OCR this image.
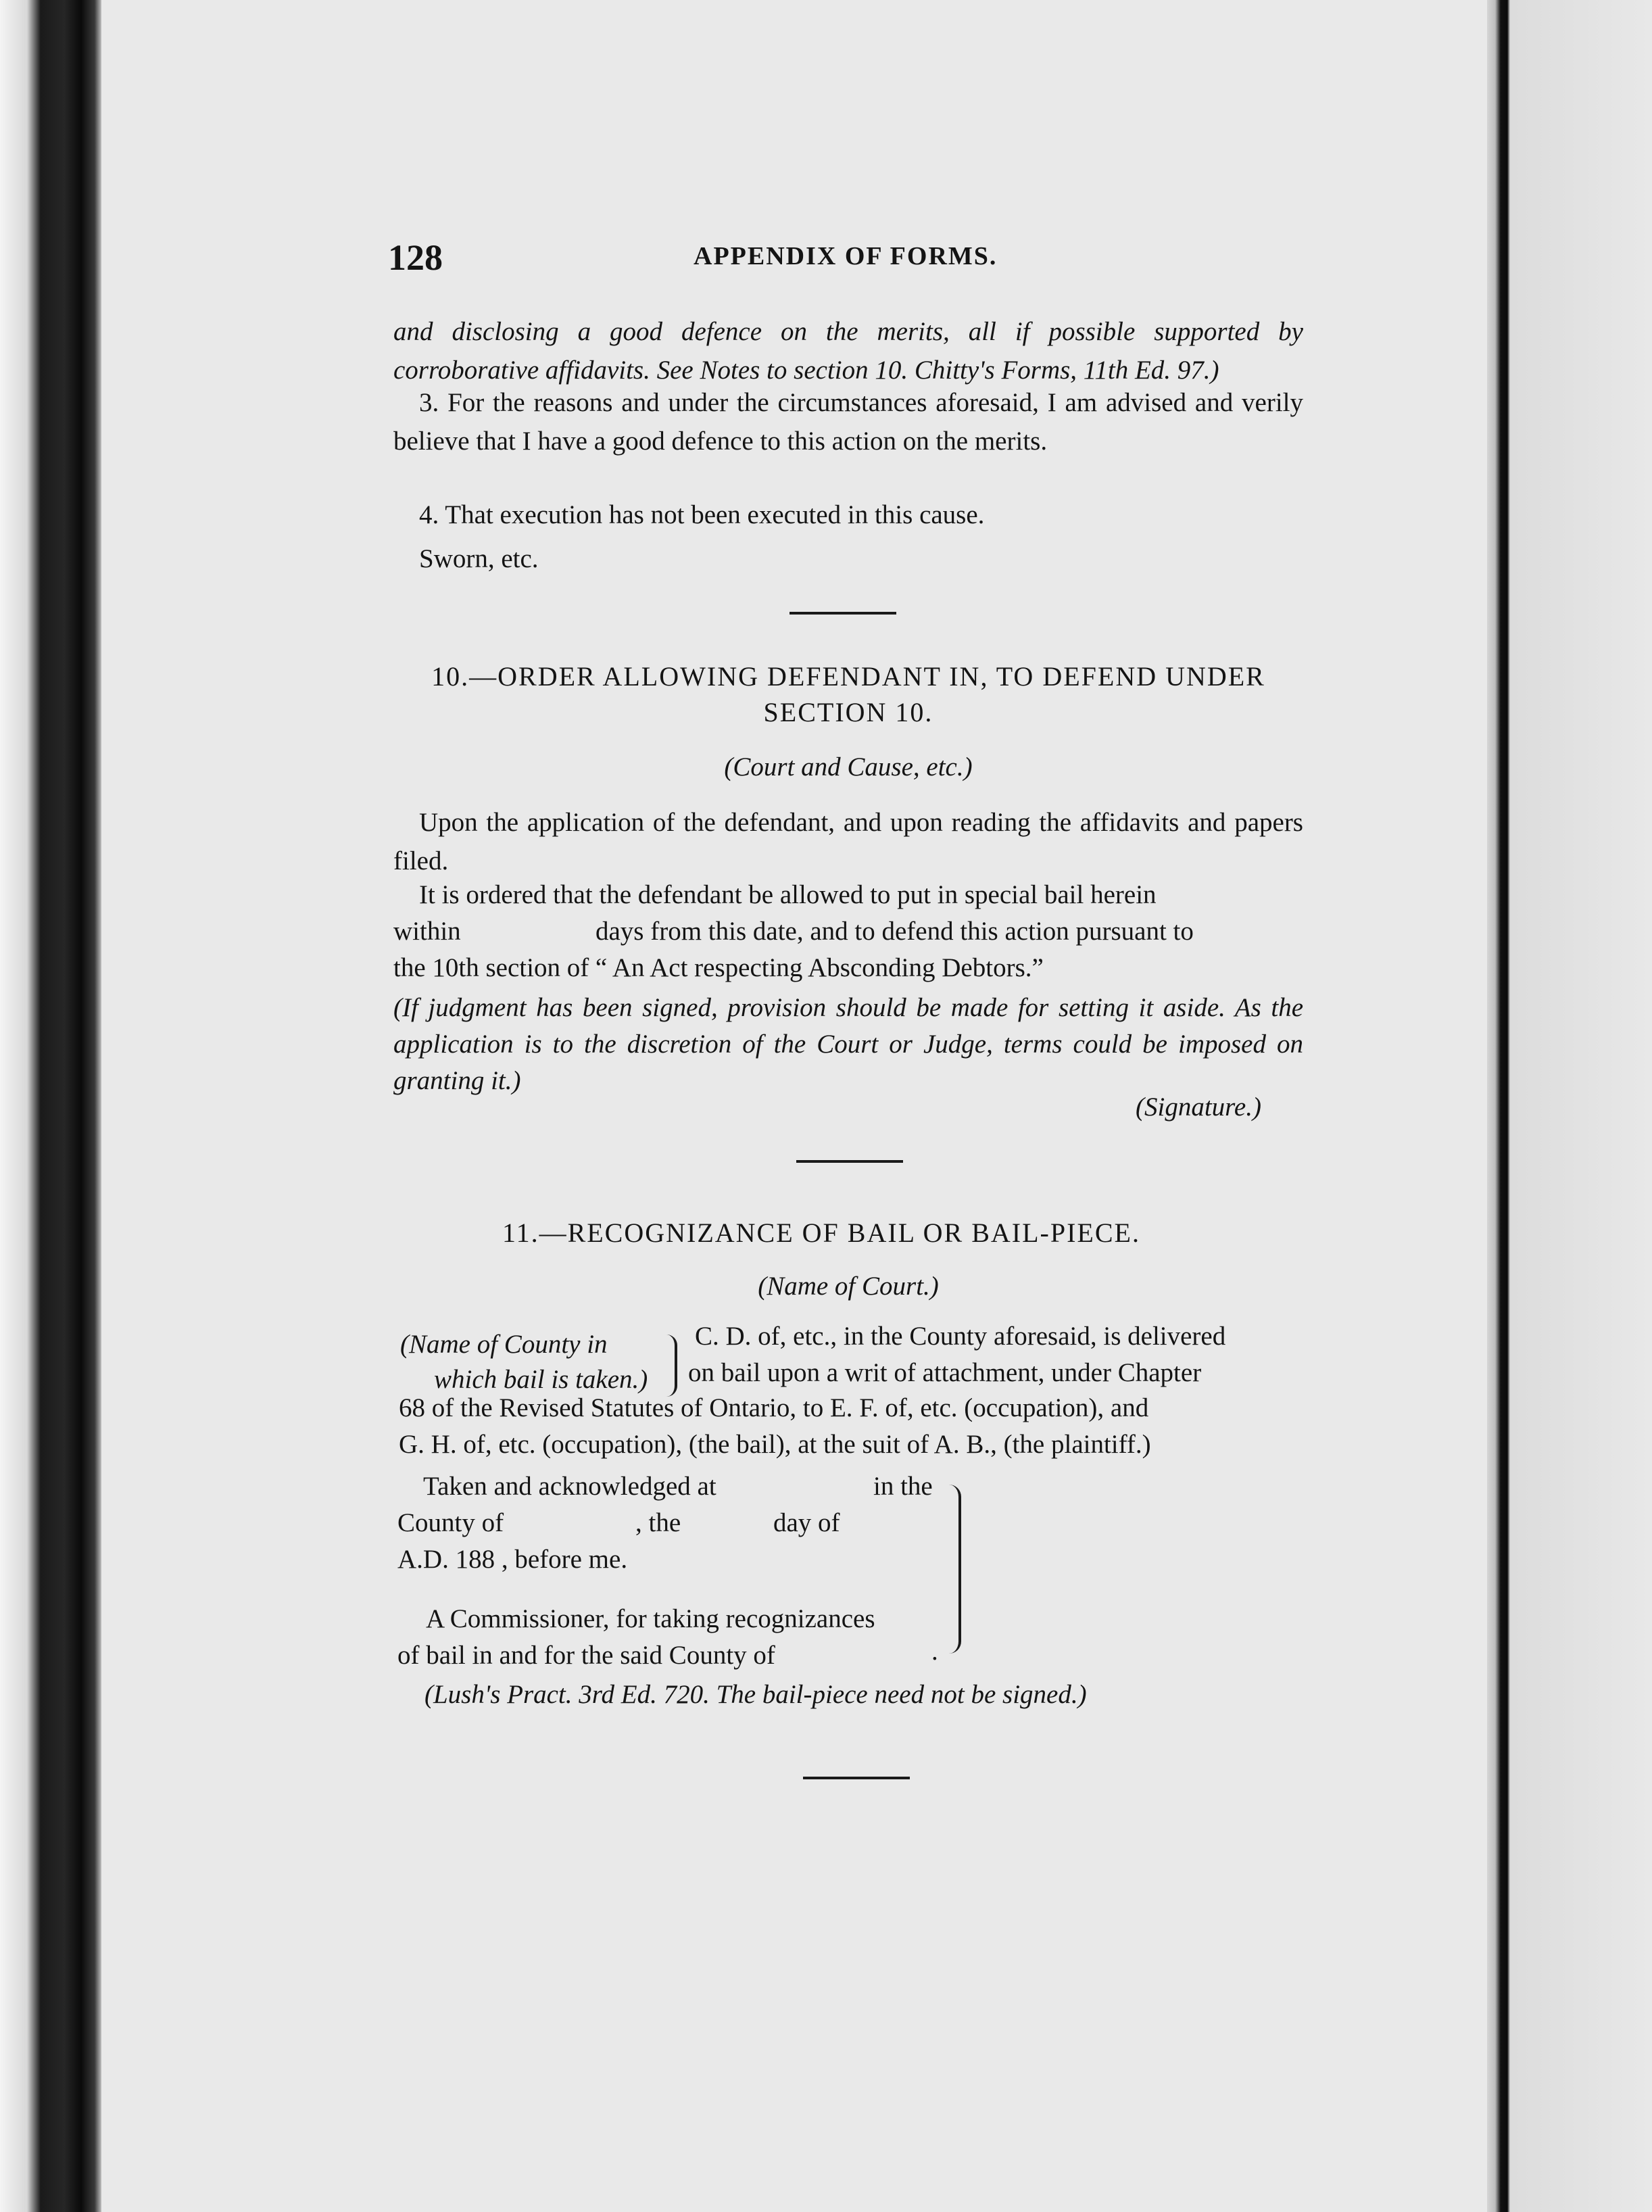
128	APPENDIX OF FORMS.
and disclosing a good defence on the merits, all if possible supported by corroborative affidavits. See Notes to section 10. Chitty's Forms, 11th Ed. 97.)
3. For the reasons and under the circumstances aforesaid, I am advised and verily believe that I have a good defence to this action on the merits.
4. That execution has not been executed in this cause.
Sworn, etc.
10.—ORDER ALLOWING DEFENDANT IN, TO DEFEND UNDER
SECTION 10.
(Court and Cause, etc.)
Upon the application of the defendant, and upon reading the affidavits and papers filed.
It is ordered that the defendant be allowed to put in special bail herein
within	days from this date, and to defend this action pursuant to
the 10th section of “ An Act respecting Absconding Debtors.”
(If judgment has been signed, provision should be made for setting it aside. As the application is to the discretion of the Court or Judge, terms could be imposed on granting it.)
(Signature.)
11.—RECOGNIZANCE OF BAIL OR BAIL-PIECE.
(Name of Court.)
(Name of County in
which bail is taken.)
C. D. of, etc., in the County aforesaid, is delivered
on bail upon a writ of attachment, under Chapter
68 of the Revised Statutes of Ontario, to E. F. of, etc. (occupation), and
G. H. of, etc. (occupation), (the bail), at the suit of A. B., (the plaintiff.)
Taken and acknowledged at	in the
County of	, the	day of
A.D. 188 , before me.
A Commissioner, for taking recognizances
of bail in and for the said County of	.
(Lush's Pract. 3rd Ed. 720. The bail-piece need not be signed.)
